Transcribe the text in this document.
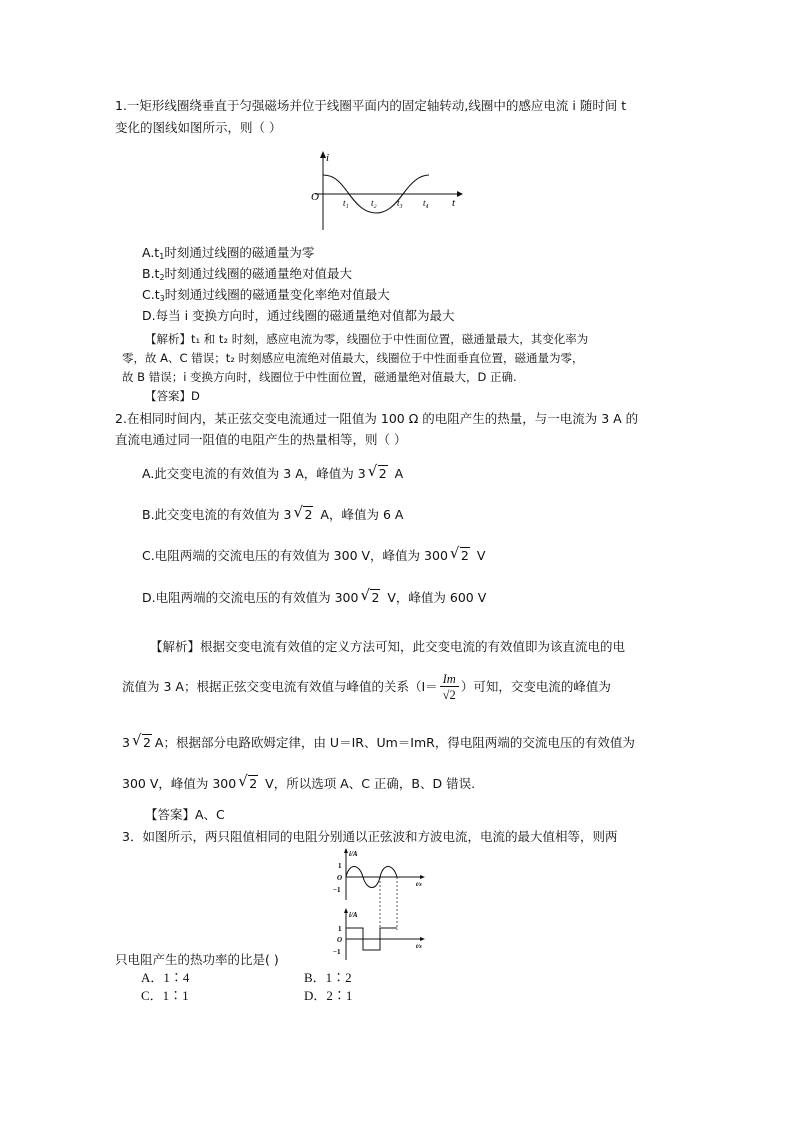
1.一矩形线圈绕垂直于匀强磁场并位于线圈平面内的固定轴转动,线圈中的感应电流 i 随时间 t
变化的图线如图所示，则（ ）
i
O	t
t₁ t₂ t₃ t₄
$A.t_1$时刻通过线圈的磁通量为零
$B.t_2$时刻通过线圈的磁通量绝对值最大
$C.t_3$时刻通过线圈的磁通量变化率绝对值最大
D.每当 i 变换方向时，通过线圈的磁通量绝对值都为最大
【解析】t₁ 和 t₂ 时刻，感应电流为零，线圈位于中性面位置，磁通量最大，其变化率为
零，故 A、C 错误；t₂ 时刻感应电流绝对值最大，线圈位于中性面垂直位置，磁通量为零，
故 B 错误；i 变换方向时，线圈位于中性面位置，磁通量绝对值最大，D 正确.
【答案】D
2.在相同时间内，某正弦交变电流通过一阻值为 100 Ω 的电阻产生的热量，与一电流为 3 A 的
直流电通过同一阻值的电阻产生的热量相等，则（ ）
A.此交变电流的有效值为 3 A，峰值为 3 √ 2 A
B.此交变电流的有效值为 3 √ 2 A，峰值为 6 A
C.电阻两端的交流电压的有效值为 300 V，峰值为 300 √ 2 V
D.电阻两端的交流电压的有效值为 300 √ 2 V，峰值为 600 V
【解析】根据交变电流有效值的定义方法可知，此交变电流的有效值即为该直流电的电
流值为 3 A；根据正弦交变电流有效值与峰值的关系（$I= \frac{Im}{√2}$ ）可知，交变电流的峰值为
3 √ 2 A；根据部分电路欧姆定律，由 U＝IR、Um＝ImR，得电阻两端的交流电压的有效值为
300 V，峰值为 300 √ 2 V，所以选项 A、C 正确，B、D 错误.
【答案】A、C
3．如图所示，两只阻值相同的电阻分别通以正弦波和方波电流，电流的最大值相等，则两
i/A
t/s
1
O
−1
i/A
t/s
1
O
−1
只电阻产生的热功率的比是( )
A．1∶4	B．1∶2
C．1∶1	D．2∶1
